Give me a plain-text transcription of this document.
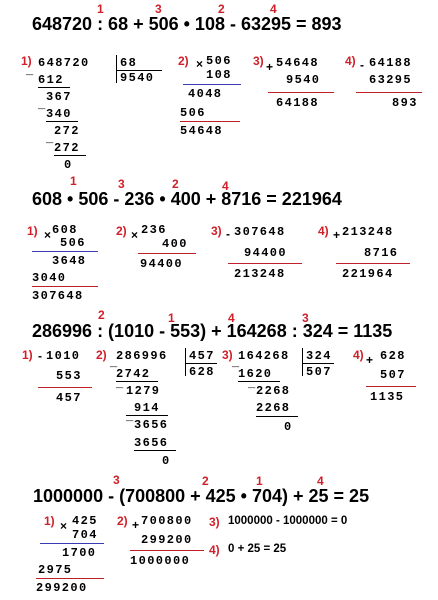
1	3	2	4
648720 : 68 + 506 • 108 - 63295 = 893
1) 648720	68
9540
_
612
367
_
340
272
_
272
0
2) × 506
108
4048
506
54648
3) + 54648
9540
64188
4) - 64188
63295
893
1	3	2	4
608 • 506 - 236 • 400 + 8716 = 221964
1) × 608
506
3648
3040
307648
2) × 236
400
94400
3) - 307648
94400
213248
4) + 213248
8716
221964
2	1	4	3
286996 : (1010 - 553) + 164268 : 324 = 1135
1) - 1010
553
457
2) 286996 457
628
_
2742
_ 1279
914
_
3656
3656
0
3) 164268 324
507
_
1620
_ 2268
2268
0
4) + 628
507
1135
3	2	1	4
1000000 - (700800 + 425 • 704) + 25 = 25
1) × 425
704
1700
2975
299200
2) + 700800
299200
1000000
3) 1000000 - 1000000 = 0
4) 0 + 25 = 25
